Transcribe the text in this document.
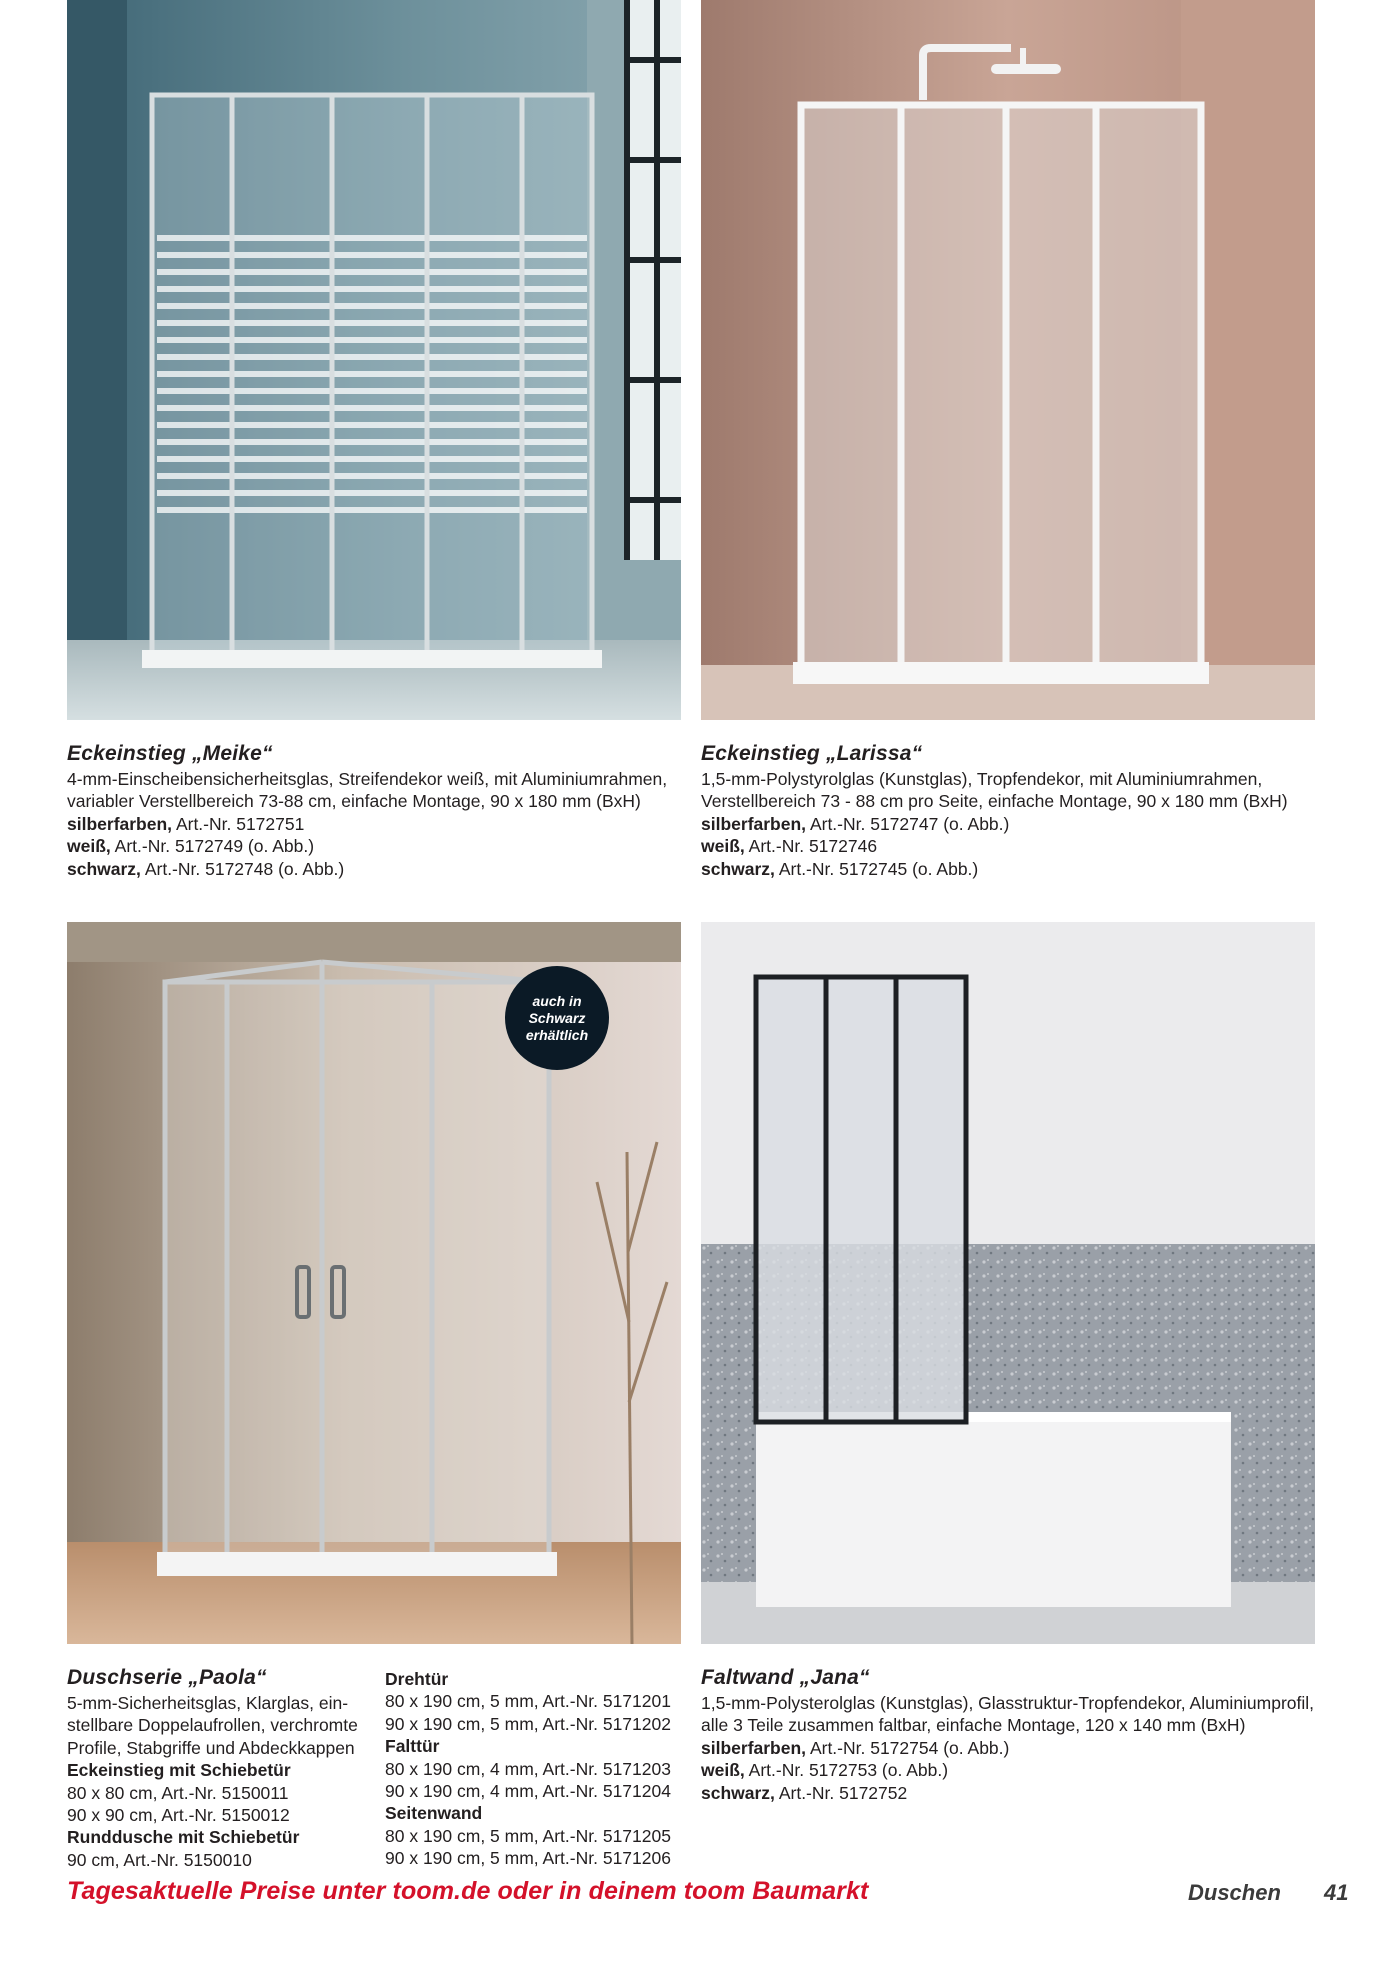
auch in
Schwarz
erhältlich
Eckeinstieg „Meike“
4-mm-Einscheibensicherheitsglas, Streifendekor weiß, mit Aluminiumrahmen,
variabler Verstellbereich 73-88 cm, einfache Montage, 90 x 180 mm (BxH)
silberfarben, Art.-Nr. 5172751
weiß, Art.-Nr. 5172749 (o. Abb.)
schwarz, Art.-Nr. 5172748 (o. Abb.)
Eckeinstieg „Larissa“
1,5-mm-Polystyrolglas (Kunstglas), Tropfendekor, mit Aluminiumrahmen,
Verstellbereich 73 - 88 cm pro Seite, einfache Montage, 90 x 180 mm (BxH)
silberfarben, Art.-Nr. 5172747 (o. Abb.)
weiß, Art.-Nr. 5172746
schwarz, Art.-Nr. 5172745 (o. Abb.)
Duschserie „Paola“
5-mm-Sicherheitsglas, Klarglas, ein-
stellbare Doppelaufrollen, verchromte
Profile, Stabgriffe und Abdeckkappen
Eckeinstieg mit Schiebetür
80 x 80 cm, Art.-Nr. 5150011
90 x 90 cm, Art.-Nr. 5150012
Runddusche mit Schiebetür
90 cm, Art.-Nr. 5150010
Drehtür
80 x 190 cm, 5 mm, Art.-Nr. 5171201
90 x 190 cm, 5 mm, Art.-Nr. 5171202
Falttür
80 x 190 cm, 4 mm, Art.-Nr. 5171203
90 x 190 cm, 4 mm, Art.-Nr. 5171204
Seitenwand
80 x 190 cm, 5 mm, Art.-Nr. 5171205
90 x 190 cm, 5 mm, Art.-Nr. 5171206
Faltwand „Jana“
1,5-mm-Polysterolglas (Kunstglas), Glasstruktur-Tropfendekor, Aluminiumprofil,
alle 3 Teile zusammen faltbar, einfache Montage, 120 x 140 mm (BxH)
silberfarben, Art.-Nr. 5172754 (o. Abb.)
weiß, Art.-Nr. 5172753 (o. Abb.)
schwarz, Art.-Nr. 5172752
Tagesaktuelle Preise unter toom.de oder in deinem toom Baumarkt	Duschen 41
